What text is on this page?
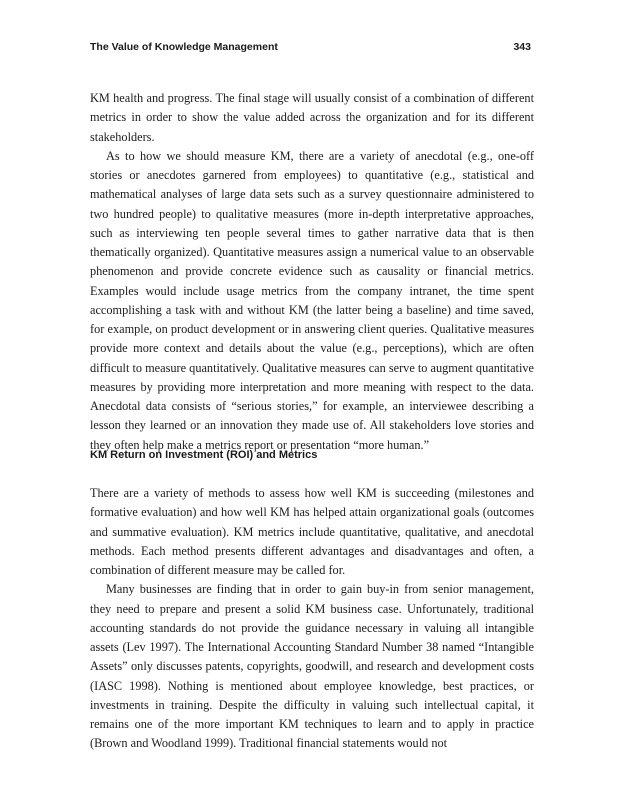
The Value of Knowledge Management	343

KM health and progress. The final stage will usually consist of a combination of different metrics in order to show the value added across the organization and for its different stakeholders.

As to how we should measure KM, there are a variety of anecdotal (e.g., one-off stories or anecdotes garnered from employees) to quantitative (e.g., statistical and mathematical analyses of large data sets such as a survey questionnaire administered to two hundred people) to qualitative measures (more in-depth interpretative approaches, such as interviewing ten people several times to gather narrative data that is then thematically organized). Quantitative measures assign a numerical value to an observable phenomenon and provide concrete evidence such as causality or financial metrics. Examples would include usage metrics from the company intranet, the time spent accomplishing a task with and without KM (the latter being a baseline) and time saved, for example, on product development or in answering client queries. Qualitative measures provide more context and details about the value (e.g., perceptions), which are often difficult to measure quantitatively. Qualitative measures can serve to augment quantitative measures by providing more interpretation and more meaning with respect to the data. Anecdotal data consists of “serious stories,” for example, an interviewee describing a lesson they learned or an innovation they made use of. All stakeholders love stories and they often help make a metrics report or presentation “more human.”

KM Return on Investment (ROI) and Metrics

There are a variety of methods to assess how well KM is succeeding (milestones and formative evaluation) and how well KM has helped attain organizational goals (outcomes and summative evaluation). KM metrics include quantitative, qualitative, and anecdotal methods. Each method presents different advantages and disadvantages and often, a combination of different measure may be called for.

Many businesses are finding that in order to gain buy-in from senior management, they need to prepare and present a solid KM business case. Unfortunately, traditional accounting standards do not provide the guidance necessary in valuing all intangible assets (Lev 1997). The International Accounting Standard Number 38 named “Intangible Assets” only discusses patents, copyrights, goodwill, and research and development costs (IASC 1998). Nothing is mentioned about employee knowledge, best practices, or investments in training. Despite the difficulty in valuing such intellectual capital, it remains one of the more important KM techniques to learn and to apply in practice (Brown and Woodland 1999). Traditional financial statements would not
